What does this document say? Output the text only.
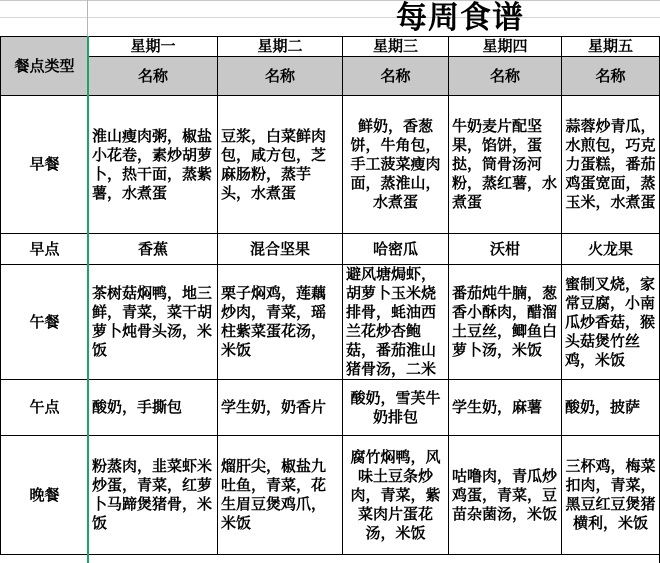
每周食谱
餐点类型	星期一	星期二	星期三	星期四	星期五
	名称	名称	名称	名称	名称
早餐	淮山瘦肉粥，椒盐小花卷，素炒胡萝卜，热干面，蒸紫薯，水煮蛋	豆浆，白菜鲜肉包，咸方包，芝麻肠粉，蒸芋头，水煮蛋	鲜奶，香葱饼，牛角包，手工菠菜瘦肉面，蒸淮山，水煮蛋	牛奶麦片配坚果，馅饼，蛋挞，筒骨汤河粉，蒸红薯，水煮蛋	蒜蓉炒青瓜，水煎包，巧克力蛋糕，番茄鸡蛋宽面，蒸玉米，水煮蛋
早点	香蕉	混合坚果	哈密瓜	沃柑	火龙果
午餐	茶树菇焖鸭，地三鲜，青菜，菜干胡萝卜炖骨头汤，米饭	栗子焖鸡，莲藕炒肉，青菜，瑶柱紫菜蛋花汤，米饭	避风塘焗虾，胡萝卜玉米烧排骨，蚝油西兰花炒杏鲍菇，番茄淮山猪骨汤，二米	番茄炖牛腩，葱香小酥肉，醋溜土豆丝，鲫鱼白萝卜汤，米饭	蜜制叉烧，家常豆腐，小南瓜炒香菇，猴头菇煲竹丝鸡，米饭
午点	酸奶，手撕包	学生奶，奶香片	酸奶，雪芙牛奶排包	学生奶，麻薯	酸奶，披萨
晚餐	粉蒸肉，韭菜虾米炒蛋，青菜，红萝卜马蹄煲猪骨，米饭	熘肝尖，椒盐九吐鱼，青菜，花生眉豆煲鸡爪，米饭	腐竹焖鸭，风味土豆条炒肉，青菜，紫菜肉片蛋花汤，米饭	咕噜肉，青瓜炒鸡蛋，青菜，豆苗杂菌汤，米饭	三杯鸡，梅菜扣肉，青菜，黑豆红豆煲猪横利，米饭
